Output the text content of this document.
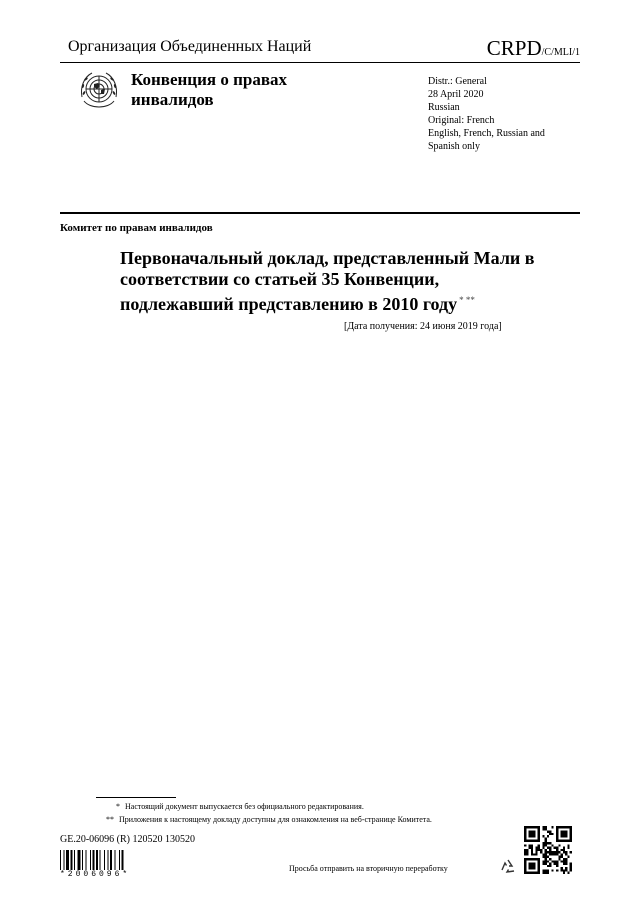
Организация Объединенных Наций	CRPD/C/MLI/1
Конвенция о правах инвалидов
Distr.: General
28 April 2020
Russian
Original: French
English, French, Russian and Spanish only
Комитет по правам инвалидов
Первоначальный доклад, представленный Мали в соответствии со статьей 35 Конвенции, подлежавший представлению в 2010 году * **
[Дата получения: 24 июня 2019 года]
* Настоящий документ выпускается без официального редактирования.
** Приложения к настоящему докладу доступны для ознакомления на веб-странице Комитета.
GE.20-06096 (R) 120520 130520
*2006096*
Просьба отправить на вторичную переработку
